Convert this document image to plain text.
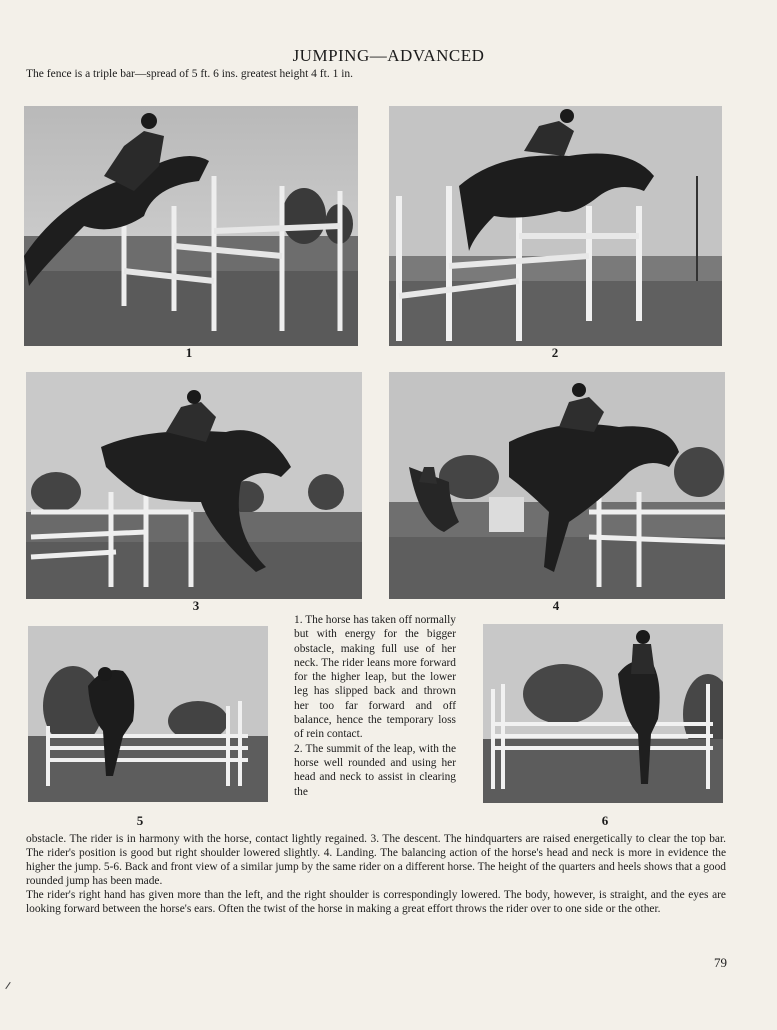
JUMPING—ADVANCED
The fence is a triple bar—spread of 5 ft. 6 ins. greatest height 4 ft. 1 in.
1	2
3	4
5	6

1. The horse has taken off normally but with energy for the bigger obstacle, making full use of her neck. The rider leans more forward for the higher leap, but the lower leg has slipped back and thrown her too far forward and off balance, hence the temporary loss of rein contact.

2. The summit of the leap, with the horse well rounded and using her head and neck to assist in clearing the

obstacle. The rider is in harmony with the horse, contact lightly regained. 3. The descent. The hindquarters are raised energetically to clear the top bar. The rider's position is good but right shoulder lowered slightly. 4. Landing. The balancing action of the horse's head and neck is more in evidence the higher the jump. 5-6. Back and front view of a similar jump by the same rider on a different horse. The height of the quarters and heels shows that a good rounded jump has been made.

The rider's right hand has given more than the left, and the right shoulder is correspondingly lowered. The body, however, is straight, and the eyes are looking forward between the horse's ears. Often the twist of the horse in making a great effort throws the rider over to one side or the other.

79
